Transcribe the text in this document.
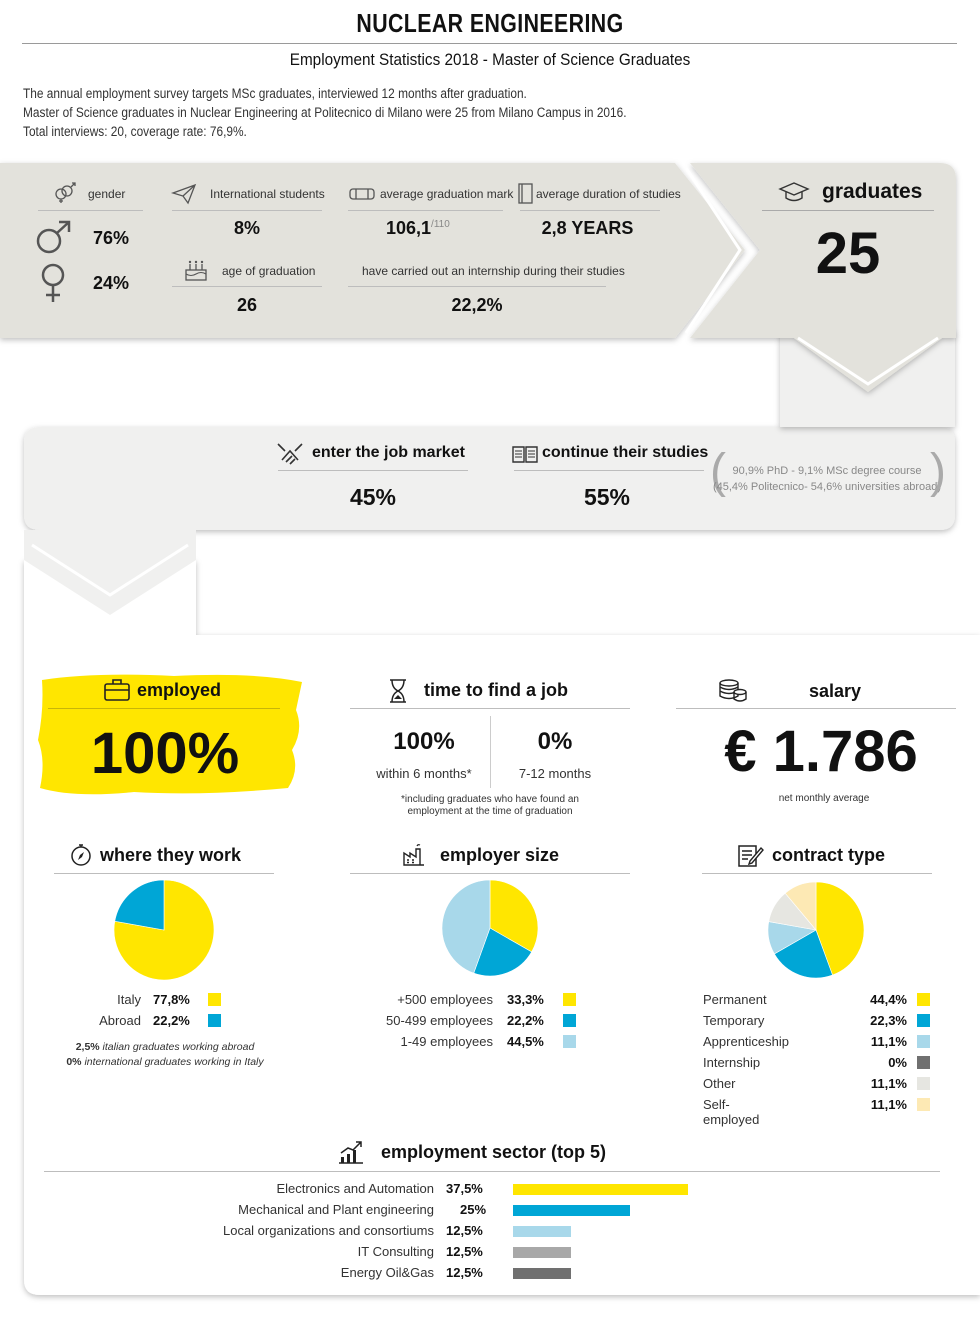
NUCLEAR ENGINEERING
Employment Statistics 2018 - Master of Science Graduates
The annual employment survey targets MSc graduates, interviewed 12 months after graduation.
Master of Science graduates in Nuclear Engineering at Politecnico di Milano were 25 from Milano Campus in 2016.
Total interviews: 20, coverage rate: 76,9%.
gender
76%
24%
International students
8%
average graduation mark
$106,1^{/110}$
average duration of studies
2,8 YEARS
age of graduation
26
have carried out an internship during their studies
22,2%
graduates
25
enter the job market
45%
continue their studies
55%	( 90,9% PhD - 9,1% MSc degree course
(45,4% Politecnico- 54,6% universities abroad)
)
employed
100%
time to find a job
100%
within 6 months*
0%
7-12 months
*including graduates who have found an
employment at the time of graduation
salary
€ 1.786
net monthly average
where they work
Italy 77,8%
Abroad 22,2%
2,5% italian graduates working abroad
0% international graduates working in Italy
employer size
+500 employees 33,3%
50-499 employees 22,2%
1-49 employees 44,5%
contract type
Permanent	44,4%
Temporary	22,3%
Apprenticeship	11,1%
Internship	0%
Other	11,1%
Self-employed
11,1%
employment sector (top 5)
Electronics and Automation 37,5%
Mechanical and Plant engineering 25%
Local organizations and consortiums 12,5%
IT Consulting 12,5%
Energy Oil&Gas 12,5%
